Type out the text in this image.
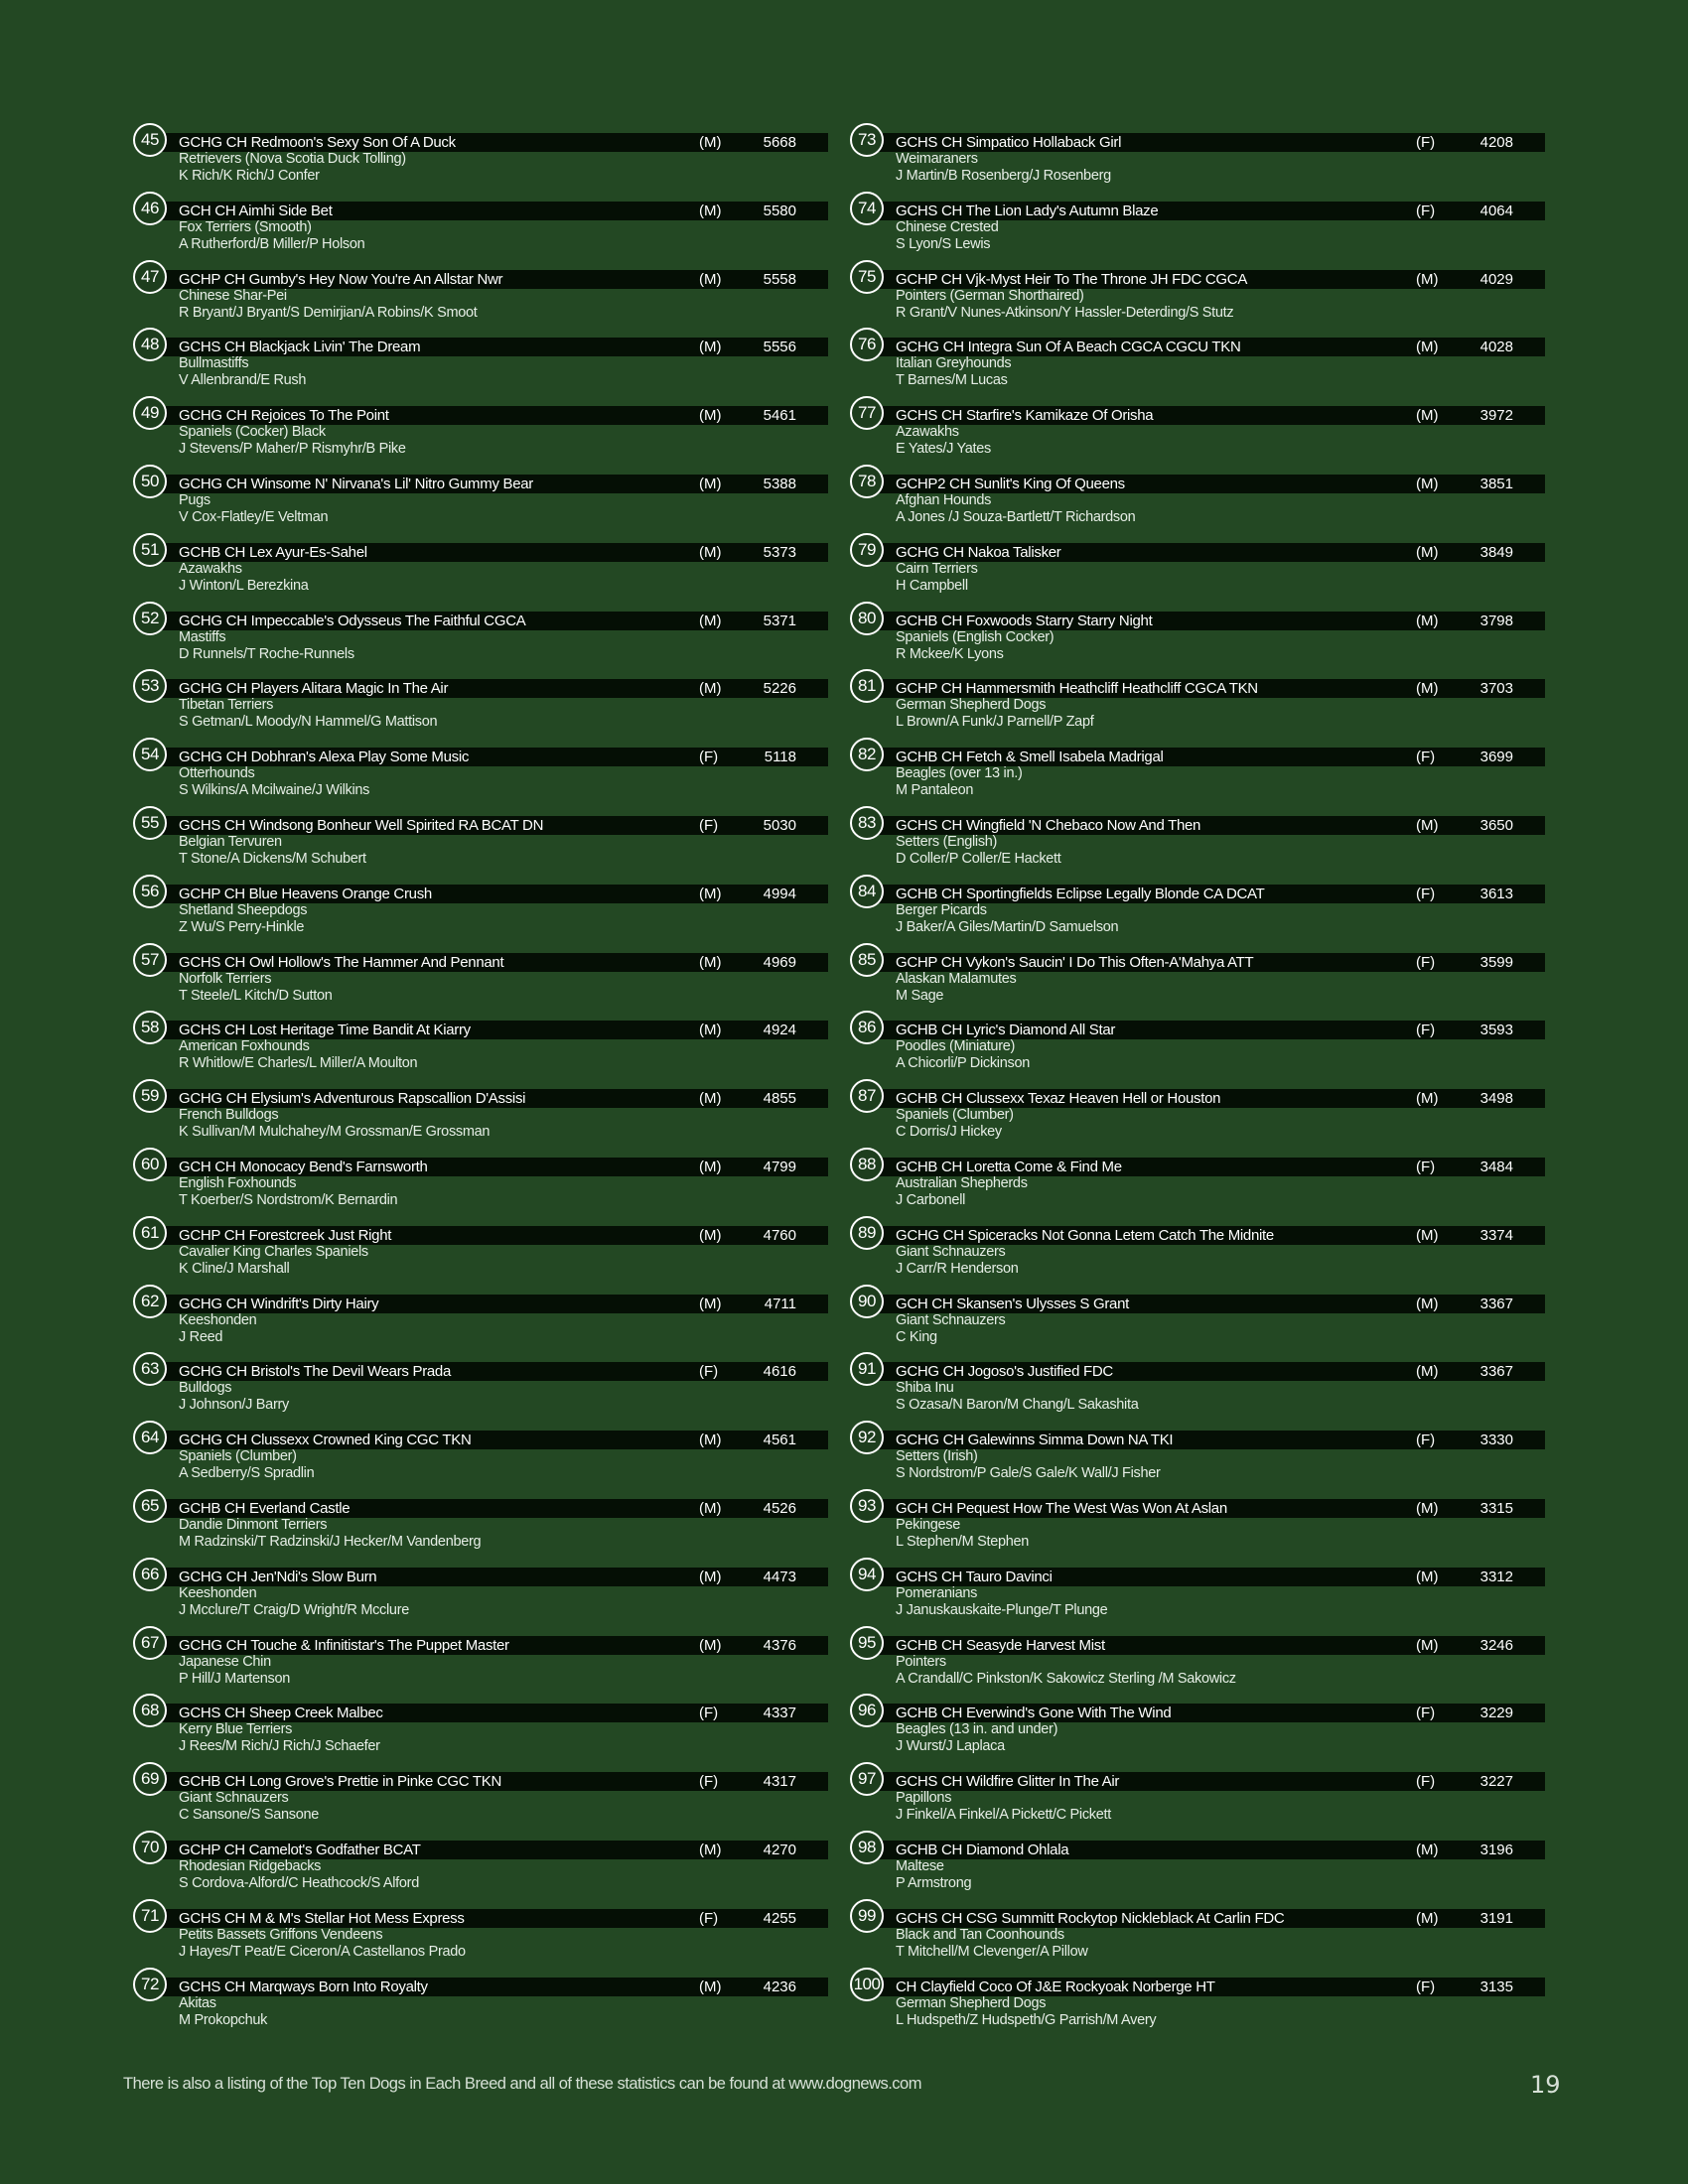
45	GCHG CH Redmoon's Sexy Son Of A Duck	(M)	5668
Retrievers (Nova Scotia Duck Tolling)
K Rich/K Rich/J Confer
46	GCH CH Aimhi Side Bet	(M)	5580
Fox Terriers (Smooth)
A Rutherford/B Miller/P Holson
47	GCHP CH Gumby's Hey Now You're An Allstar Nwr	(M)	5558
Chinese Shar-Pei
R Bryant/J Bryant/S Demirjian/A Robins/K Smoot
48	GCHS CH Blackjack Livin' The Dream	(M)	5556
Bullmastiffs
V Allenbrand/E Rush
49	GCHG CH Rejoices To The Point	(M)	5461
Spaniels (Cocker) Black
J Stevens/P Maher/P Rismyhr/B Pike
50	GCHG CH Winsome N' Nirvana's Lil' Nitro Gummy Bear	(M)	5388
Pugs
V Cox-Flatley/E Veltman
51	GCHB CH Lex Ayur-Es-Sahel	(M)	5373
Azawakhs
J Winton/L Berezkina
52	GCHG CH Impeccable's Odysseus The Faithful CGCA	(M)	5371
Mastiffs
D Runnels/T Roche-Runnels
53	GCHG CH Players Alitara Magic In The Air	(M)	5226
Tibetan Terriers
S Getman/L Moody/N Hammel/G Mattison
54	GCHG CH Dobhran's Alexa Play Some Music	(F)	5118
Otterhounds
S Wilkins/A Mcilwaine/J Wilkins
55	GCHS CH Windsong Bonheur Well Spirited RA BCAT DN	(F)	5030
Belgian Tervuren
T Stone/A Dickens/M Schubert
56	GCHP CH Blue Heavens Orange Crush	(M)	4994
Shetland Sheepdogs
Z Wu/S Perry-Hinkle
57	GCHS CH Owl Hollow's The Hammer And Pennant	(M)	4969
Norfolk Terriers
T Steele/L Kitch/D Sutton
58	GCHS CH Lost Heritage Time Bandit At Kiarry	(M)	4924
American Foxhounds
R Whitlow/E Charles/L Miller/A Moulton
59	GCHG CH Elysium's Adventurous Rapscallion D'Assisi	(M)	4855
French Bulldogs
K Sullivan/M Mulchahey/M Grossman/E Grossman
60	GCH CH Monocacy Bend's Farnsworth	(M)	4799
English Foxhounds
T Koerber/S Nordstrom/K Bernardin
61	GCHP CH Forestcreek Just Right	(M)	4760
Cavalier King Charles Spaniels
K Cline/J Marshall
62	GCHG CH Windrift's Dirty Hairy	(M)	4711
Keeshonden
J Reed
63	GCHG CH Bristol's The Devil Wears Prada	(F)	4616
Bulldogs
J Johnson/J Barry
64	GCHG CH Clussexx Crowned King CGC TKN	(M)	4561
Spaniels (Clumber)
A Sedberry/S Spradlin
65	GCHB CH Everland Castle	(M)	4526
Dandie Dinmont Terriers
M Radzinski/T Radzinski/J Hecker/M Vandenberg
66	GCHG CH Jen'Ndi's Slow Burn	(M)	4473
Keeshonden
J Mcclure/T Craig/D Wright/R Mcclure
67	GCHG CH Touche & Infinitistar's The Puppet Master	(M)	4376
Japanese Chin
P Hill/J Martenson
68	GCHS CH Sheep Creek Malbec	(F)	4337
Kerry Blue Terriers
J Rees/M Rich/J Rich/J Schaefer
69	GCHB CH Long Grove's Prettie in Pinke CGC TKN	(F)	4317
Giant Schnauzers
C Sansone/S Sansone
70	GCHP CH Camelot's Godfather BCAT	(M)	4270
Rhodesian Ridgebacks
S Cordova-Alford/C Heathcock/S Alford
71	GCHS CH M & M's Stellar Hot Mess Express	(F)	4255
Petits Bassets Griffons Vendeens
J Hayes/T Peat/E Ciceron/A Castellanos Prado
72	GCHS CH Marqways Born Into Royalty	(M)	4236
Akitas
M Prokopchuk
73	GCHS CH Simpatico Hollaback Girl	(F)	4208
Weimaraners
J Martin/B Rosenberg/J Rosenberg
74	GCHS CH The Lion Lady's Autumn Blaze	(F)	4064
Chinese Crested
S Lyon/S Lewis
75	GCHP CH Vjk-Myst Heir To The Throne JH FDC CGCA	(M)	4029
Pointers (German Shorthaired)
R Grant/V Nunes-Atkinson/Y Hassler-Deterding/S Stutz
76	GCHG CH Integra Sun Of A Beach CGCA CGCU TKN	(M)	4028
Italian Greyhounds
T Barnes/M Lucas
77	GCHS CH Starfire's Kamikaze Of Orisha	(M)	3972
Azawakhs
E Yates/J Yates
78	GCHP2 CH Sunlit's King Of Queens	(M)	3851
Afghan Hounds
A Jones /J Souza-Bartlett/T Richardson
79	GCHG CH Nakoa Talisker	(M)	3849
Cairn Terriers
H Campbell
80	GCHB CH Foxwoods Starry Starry Night	(M)	3798
Spaniels (English Cocker)
R Mckee/K Lyons
81	GCHP CH Hammersmith Heathcliff Heathcliff CGCA TKN	(M)	3703
German Shepherd Dogs
L Brown/A Funk/J Parnell/P Zapf
82	GCHB CH Fetch & Smell Isabela Madrigal	(F)	3699
Beagles (over 13 in.)
M Pantaleon
83	GCHS CH Wingfield 'N Chebaco Now And Then	(M)	3650
Setters (English)
D Coller/P Coller/E Hackett
84	GCHB CH Sportingfields Eclipse Legally Blonde CA DCAT	(F)	3613
Berger Picards
J Baker/A Giles/Martin/D Samuelson
85	GCHP CH Vykon's Saucin' I Do This Often-A'Mahya ATT	(F)	3599
Alaskan Malamutes
M Sage
86	GCHB CH Lyric's Diamond All Star	(F)	3593
Poodles (Miniature)
A Chicorli/P Dickinson
87	GCHB CH Clussexx Texaz Heaven Hell or Houston	(M)	3498
Spaniels (Clumber)
C Dorris/J Hickey
88	GCHB CH Loretta Come & Find Me	(F)	3484
Australian Shepherds
J Carbonell
89	GCHG CH Spiceracks Not Gonna Letem Catch The Midnite	(M)	3374
Giant Schnauzers
J Carr/R Henderson
90	GCH CH Skansen's Ulysses S Grant	(M)	3367
Giant Schnauzers
C King
91	GCHG CH Jogoso's Justified FDC	(M)	3367
Shiba Inu
S Ozasa/N Baron/M Chang/L Sakashita
92	GCHG CH Galewinns Simma Down NA TKI	(F)	3330
Setters (Irish)
S Nordstrom/P Gale/S Gale/K Wall/J Fisher
93	GCH CH Pequest How The West Was Won At Aslan	(M)	3315
Pekingese
L Stephen/M Stephen
94	GCHS CH Tauro Davinci	(M)	3312
Pomeranians
J Januskauskaite-Plunge/T Plunge
95	GCHB CH Seasyde Harvest Mist	(M)	3246
Pointers
A Crandall/C Pinkston/K Sakowicz Sterling /M Sakowicz
96	GCHB CH Everwind's Gone With The Wind	(F)	3229
Beagles (13 in. and under)
J Wurst/J Laplaca
97	GCHS CH Wildfire Glitter In The Air	(F)	3227
Papillons
J Finkel/A Finkel/A Pickett/C Pickett
98	GCHB CH Diamond Ohlala	(M)	3196
Maltese
P Armstrong
99	GCHS CH CSG Summitt Rockytop Nickleblack At Carlin FDC	(M)	3191
Black and Tan Coonhounds
T Mitchell/M Clevenger/A Pillow
100 CH Clayfield Coco Of J&E Rockyoak Norberge HT	(F)	3135
German Shepherd Dogs
L Hudspeth/Z Hudspeth/G Parrish/M Avery
There is also a listing of the Top Ten Dogs in Each Breed and all of these statistics can be found at www.dognews.com	19
